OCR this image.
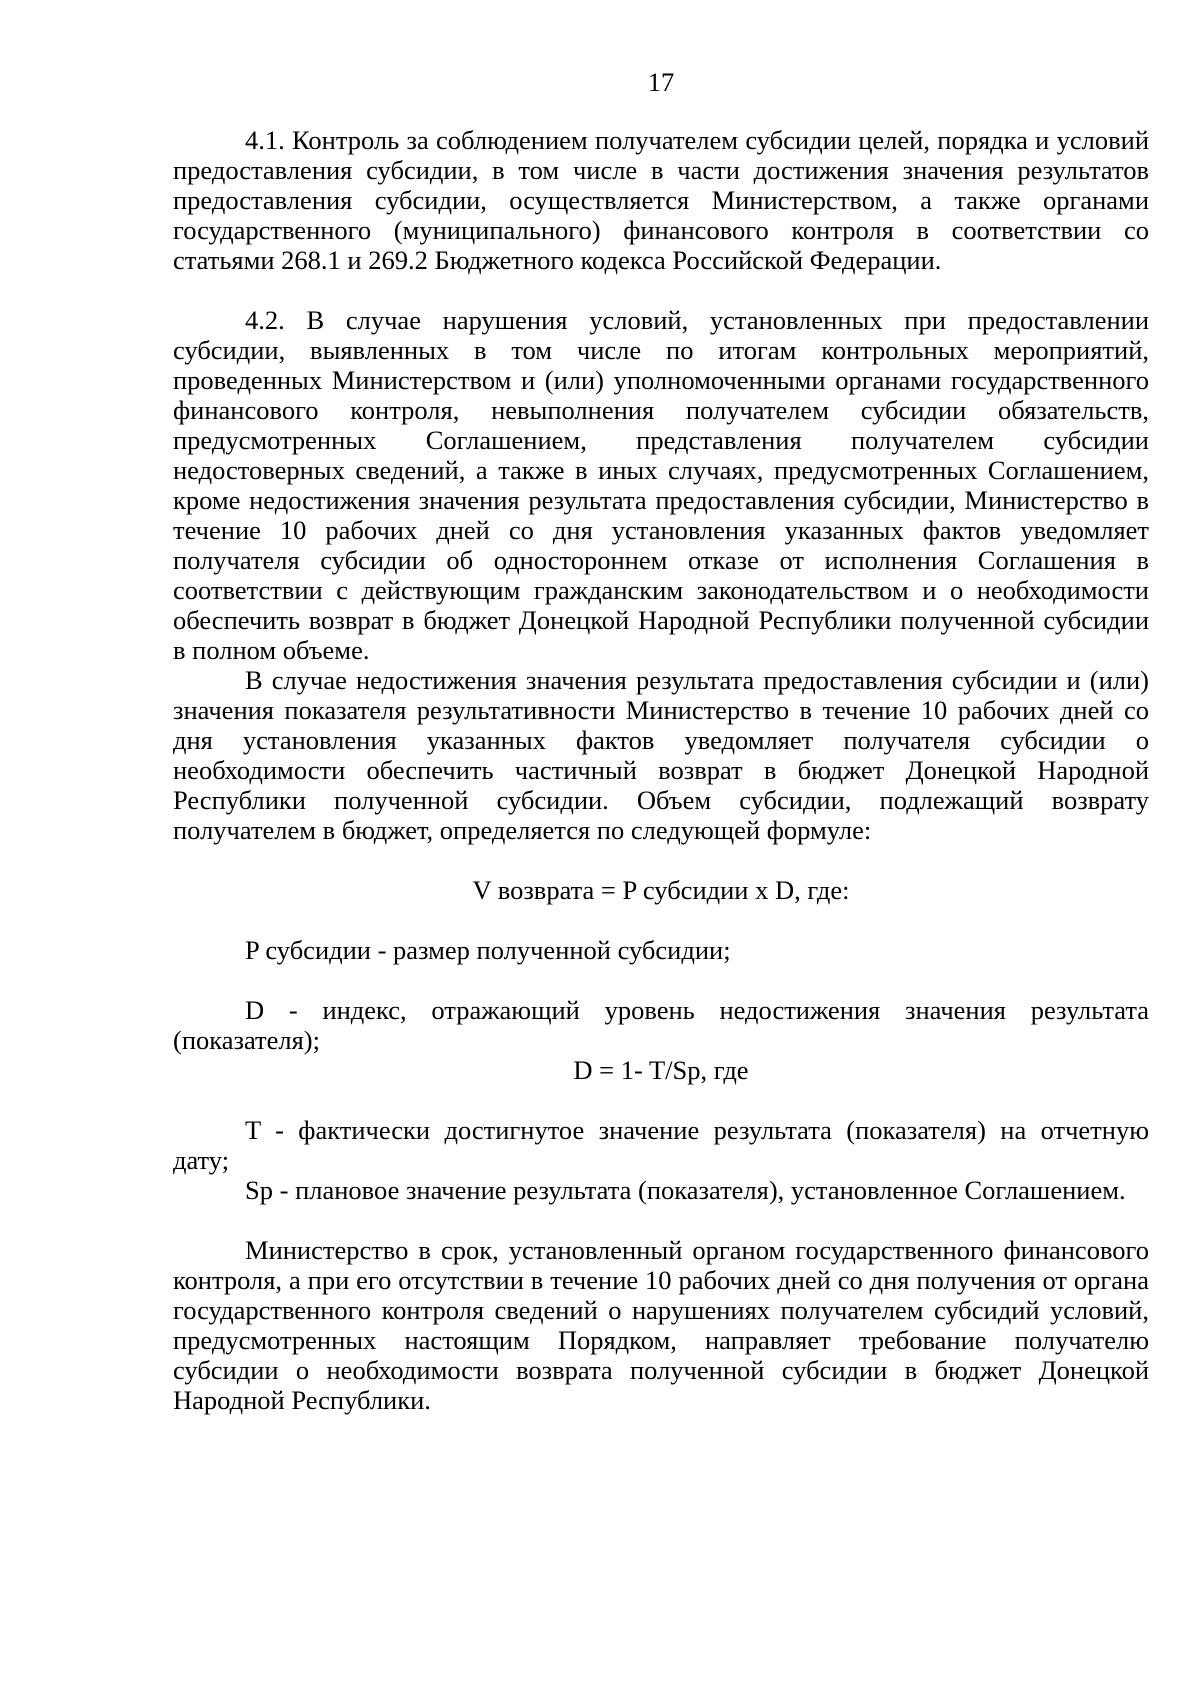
17

4.1. Контроль за соблюдением получателем субсидии целей, порядка и условий предоставления субсидии, в том числе в части достижения значения результатов предоставления субсидии, осуществляется Министерством, а также органами государственного (муниципального) финансового контроля в соответствии со статьями 268.1 и 269.2 Бюджетного кодекса Российской Федерации.

4.2. В случае нарушения условий, установленных при предоставлении субсидии, выявленных в том числе по итогам контрольных мероприятий, проведенных Министерством и (или) уполномоченными органами государственного финансового контроля, невыполнения получателем субсидии обязательств, предусмотренных Соглашением, представления получателем субсидии недостоверных сведений, а также в иных случаях, предусмотренных Соглашением, кроме недостижения значения результата предоставления субсидии, Министерство в течение 10 рабочих дней со дня установления указанных фактов уведомляет получателя субсидии об одностороннем отказе от исполнения Соглашения в соответствии с действующим гражданским законодательством и о необходимости обеспечить возврат в бюджет Донецкой Народной Республики полученной субсидии в полном объеме.

В случае недостижения значения результата предоставления субсидии и (или) значения показателя результативности Министерство в течение 10 рабочих дней со дня установления указанных фактов уведомляет получателя субсидии о необходимости обеспечить частичный возврат в бюджет Донецкой Народной Республики полученной субсидии. Объем субсидии, подлежащий возврату получателем в бюджет, определяется по следующей формуле:

V возврата = P субсидии x D, где:

P субсидии - размер полученной субсидии;

D - индекс, отражающий уровень недостижения значения результата (показателя);

D = 1- T/Sp, где

T - фактически достигнутое значение результата (показателя) на отчетную дату;

Sp - плановое значение результата (показателя), установленное Соглашением.

Министерство в срок, установленный органом государственного финансового контроля, а при его отсутствии в течение 10 рабочих дней со дня получения от органа государственного контроля сведений о нарушениях получателем субсидий условий, предусмотренных настоящим Порядком, направляет требование получателю субсидии о необходимости возврата полученной субсидии в бюджет Донецкой Народной Республики.
